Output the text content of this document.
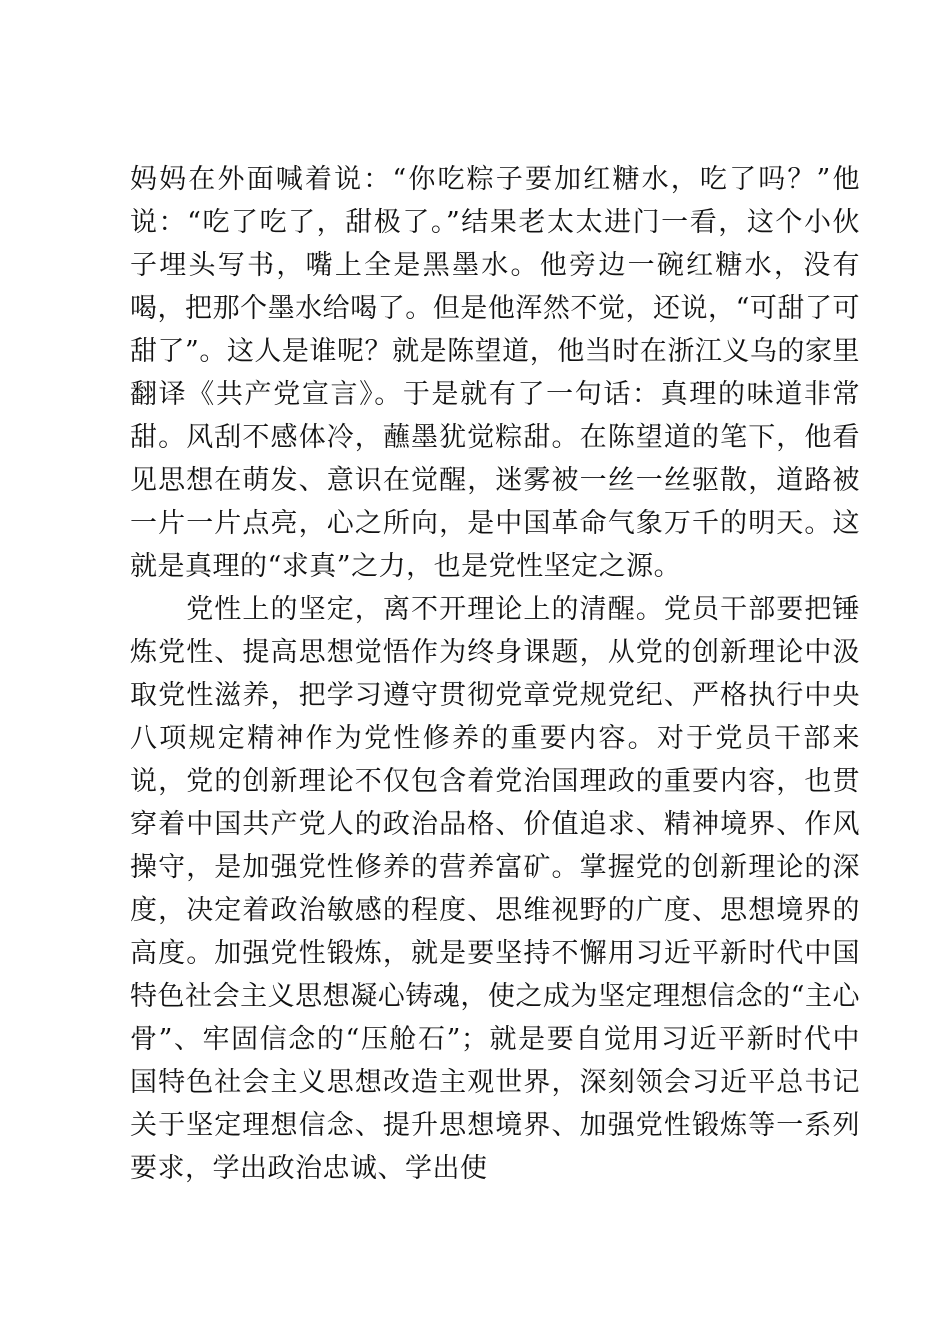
妈妈在外面喊着说：“你吃粽子要加红糖水，吃了吗？”他说：“吃了吃了，甜极了。”结果老太太进门一看，这个小伙子埋头写书，嘴上全是黑墨水。他旁边一碗红糖水，没有喝，把那个墨水给喝了。但是他浑然不觉，还说，“可甜了可甜了”。这人是谁呢？就是陈望道，他当时在浙江义乌的家里翻译《共产党宣言》。于是就有了一句话：真理的味道非常甜。风刮不感体冷，蘸墨犹觉粽甜。在陈望道的笔下，他看见思想在萌发、意识在觉醒，迷雾被一丝一丝驱散，道路被一片一片点亮，心之所向，是中国革命气象万千的明天。这就是真理的“求真”之力，也是党性坚定之源。

　　党性上的坚定，离不开理论上的清醒。党员干部要把锤炼党性、提高思想觉悟作为终身课题，从党的创新理论中汲取党性滋养，把学习遵守贯彻党章党规党纪、严格执行中央八项规定精神作为党性修养的重要内容。对于党员干部来说，党的创新理论不仅包含着党治国理政的重要内容，也贯穿着中国共产党人的政治品格、价值追求、精神境界、作风操守，是加强党性修养的营养富矿。掌握党的创新理论的深度，决定着政治敏感的程度、思维视野的广度、思想境界的高度。加强党性锻炼，就是要坚持不懈用习近平新时代中国特色社会主义思想凝心铸魂，使之成为坚定理想信念的“主心骨”、牢固信念的“压舱石”；就是要自觉用习近平新时代中国特色社会主义思想改造主观世界，深刻领会习近平总书记关于坚定理想信念、提升思想境界、加强党性锻炼等一系列要求，学出政治忠诚、学出使
